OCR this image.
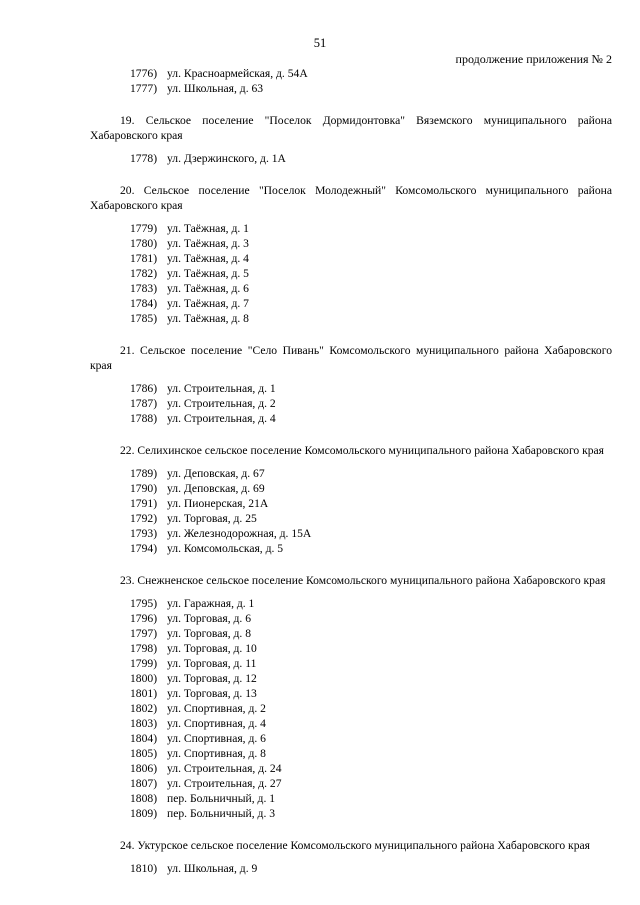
51
продолжение приложения № 2
1776) ул. Красноармейская, д. 54А
1777) ул. Школьная, д. 63
19. Сельское поселение "Поселок Дормидонтовка" Вяземского муниципального района Хабаровского края
1778) ул. Дзержинского, д. 1А
20. Сельское поселение "Поселок Молодежный" Комсомольского муниципального района Хабаровского края
1779) ул. Таёжная, д. 1
1780) ул. Таёжная, д. 3
1781) ул. Таёжная, д. 4
1782) ул. Таёжная, д. 5
1783) ул. Таёжная, д. 6
1784) ул. Таёжная, д. 7
1785) ул. Таёжная, д. 8
21. Сельское поселение "Село Пивань" Комсомольского муниципального района Хабаровского края
1786) ул. Строительная, д. 1
1787) ул. Строительная, д. 2
1788) ул. Строительная, д. 4
22. Селихинское сельское поселение Комсомольского муниципального района Хабаровского края
1789) ул. Деповская, д. 67
1790) ул. Деповская, д. 69
1791) ул. Пионерская, 21А
1792) ул. Торговая, д. 25
1793) ул. Железнодорожная, д. 15А
1794) ул. Комсомольская, д. 5
23. Снежненское сельское поселение Комсомольского муниципального района Хабаровского края
1795) ул. Гаражная, д. 1
1796) ул. Торговая, д. 6
1797) ул. Торговая, д. 8
1798) ул. Торговая, д. 10
1799) ул. Торговая, д. 11
1800) ул. Торговая, д. 12
1801) ул. Торговая, д. 13
1802) ул. Спортивная, д. 2
1803) ул. Спортивная, д. 4
1804) ул. Спортивная, д. 6
1805) ул. Спортивная, д. 8
1806) ул. Строительная, д. 24
1807) ул. Строительная, д. 27
1808) пер. Больничный, д. 1
1809) пер. Больничный, д. 3
24. Уктурское сельское поселение Комсомольского муниципального района Хабаровского края
1810) ул. Школьная, д. 9
